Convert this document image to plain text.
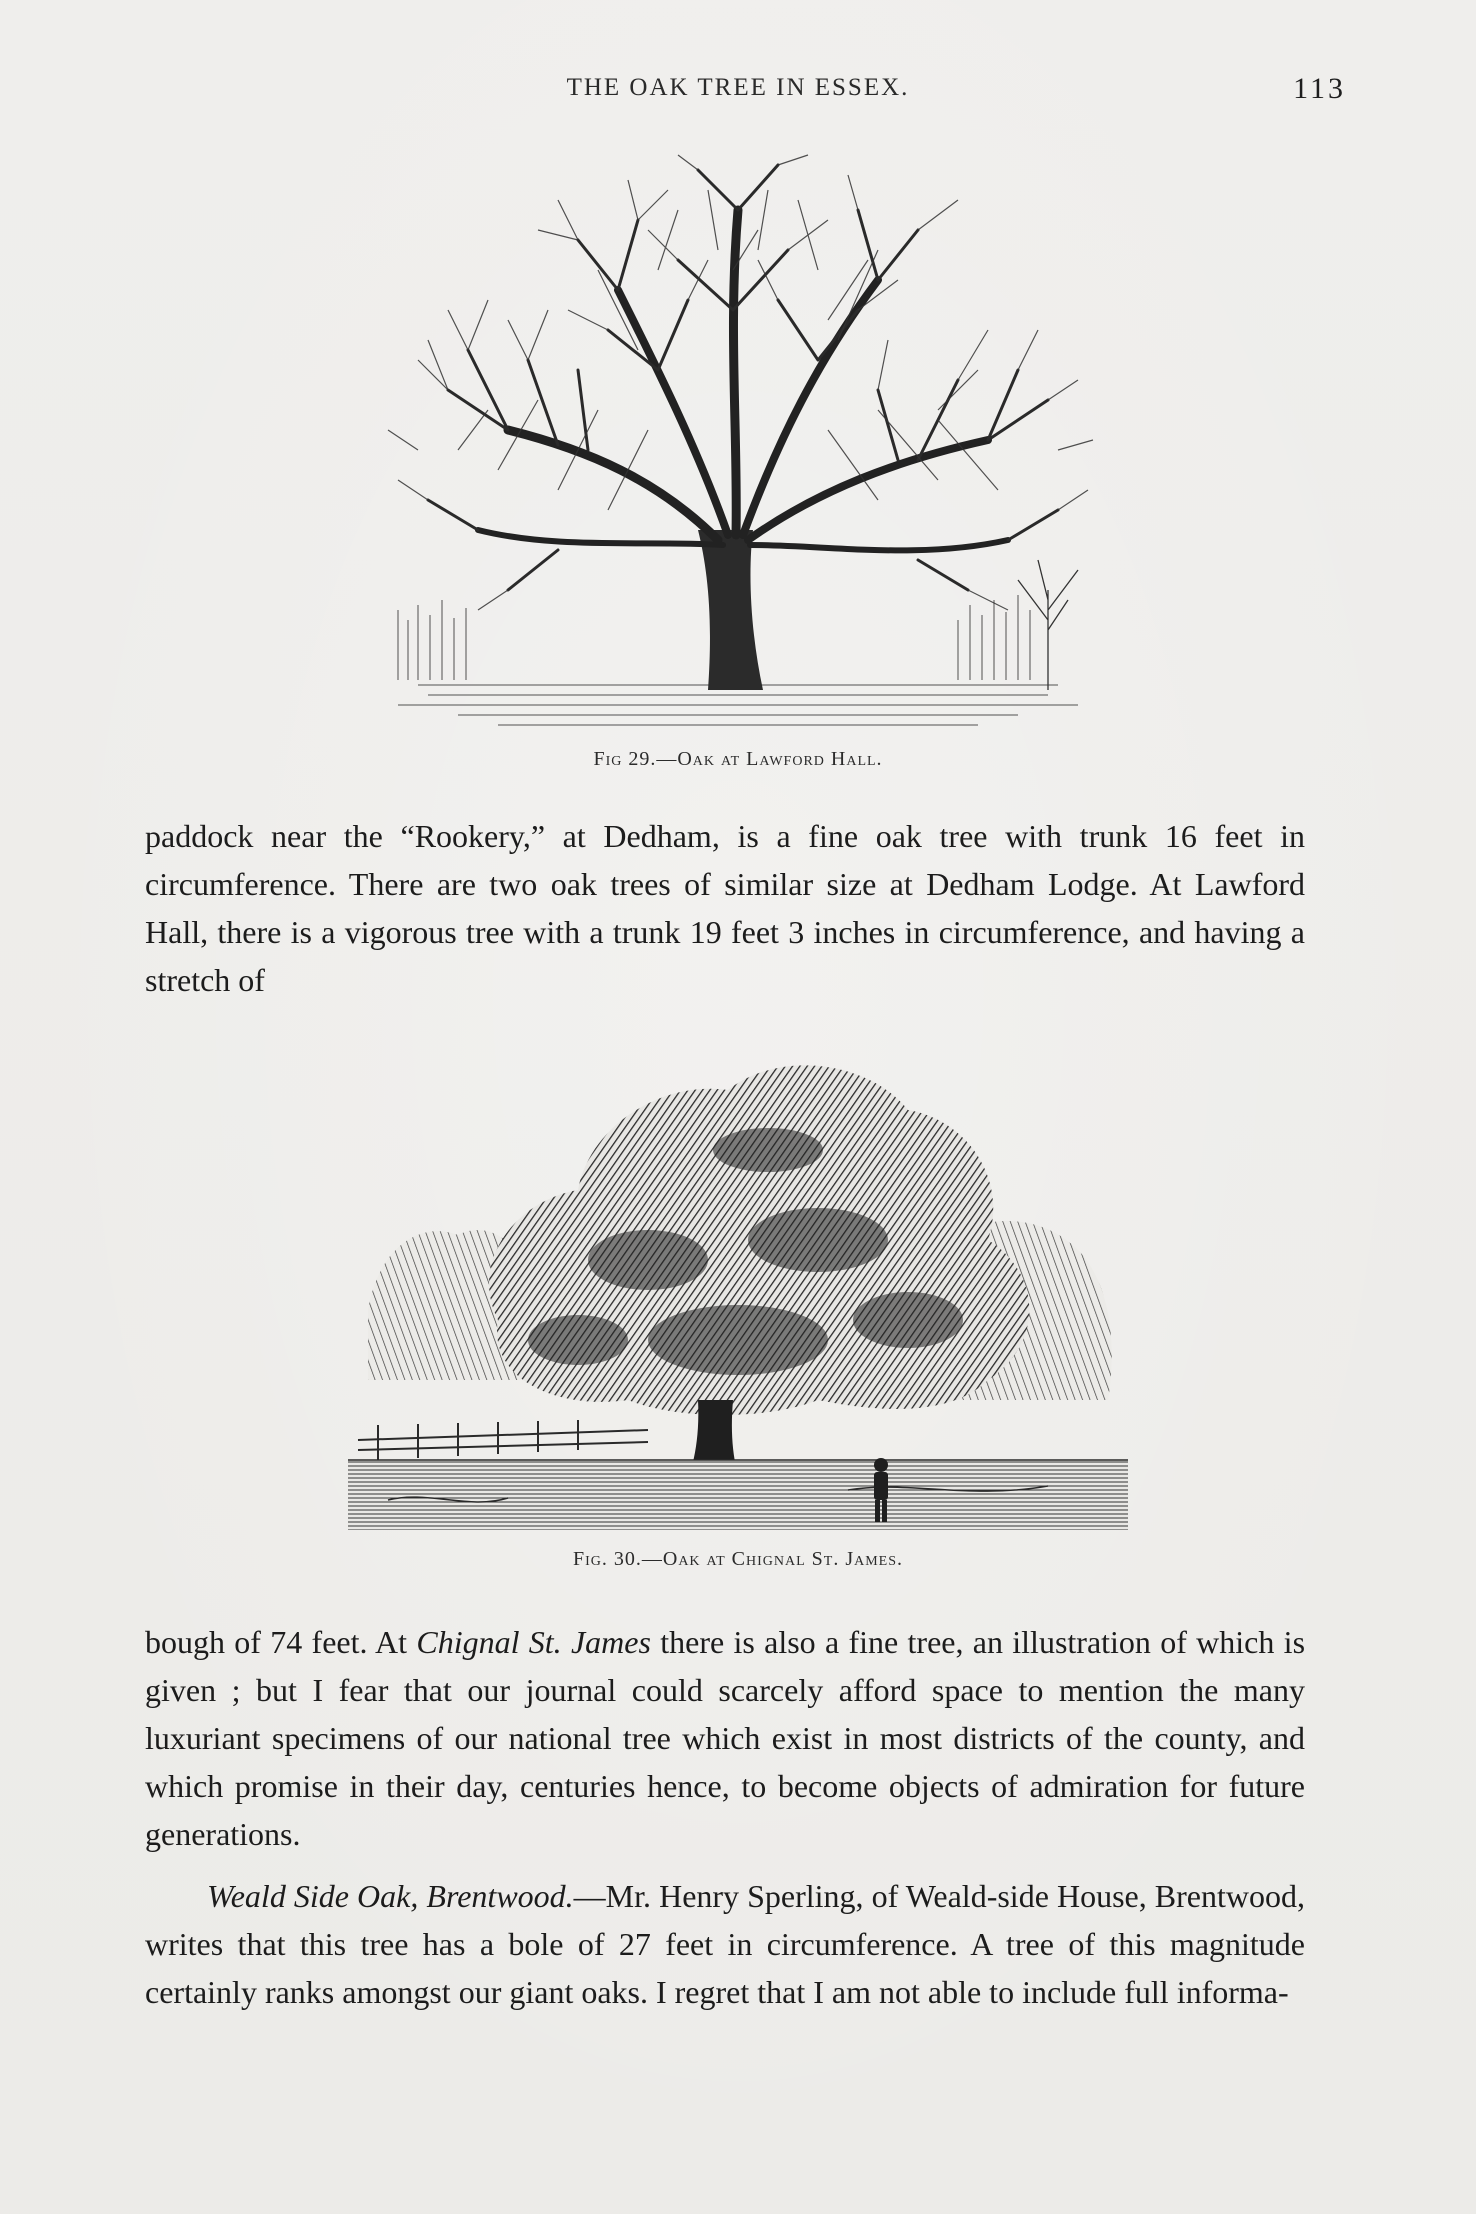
THE OAK TREE IN ESSEX.	113
Fig 29.—Oak at Lawford Hall.

paddock near the “Rookery,” at Dedham, is a fine oak tree with trunk 16 feet in circumference. There are two oak trees of similar size at Dedham Lodge. At Lawford Hall, there is a vigorous tree with a trunk 19 feet 3 inches in circumference, and having a stretch of

Fig. 30.—Oak at Chignal St. James.

bough of 74 feet. At Chignal St. James there is also a fine tree, an illustration of which is given ; but I fear that our journal could scarcely afford space to mention the many luxuriant specimens of our national tree which exist in most districts of the county, and which promise in their day, centuries hence, to become objects of admiration for future generations.

Weald Side Oak, Brentwood.—Mr. Henry Sperling, of Weald-side House, Brentwood, writes that this tree has a bole of 27 feet in circumference. A tree of this magnitude certainly ranks amongst our giant oaks. I regret that I am not able to include full informa-
